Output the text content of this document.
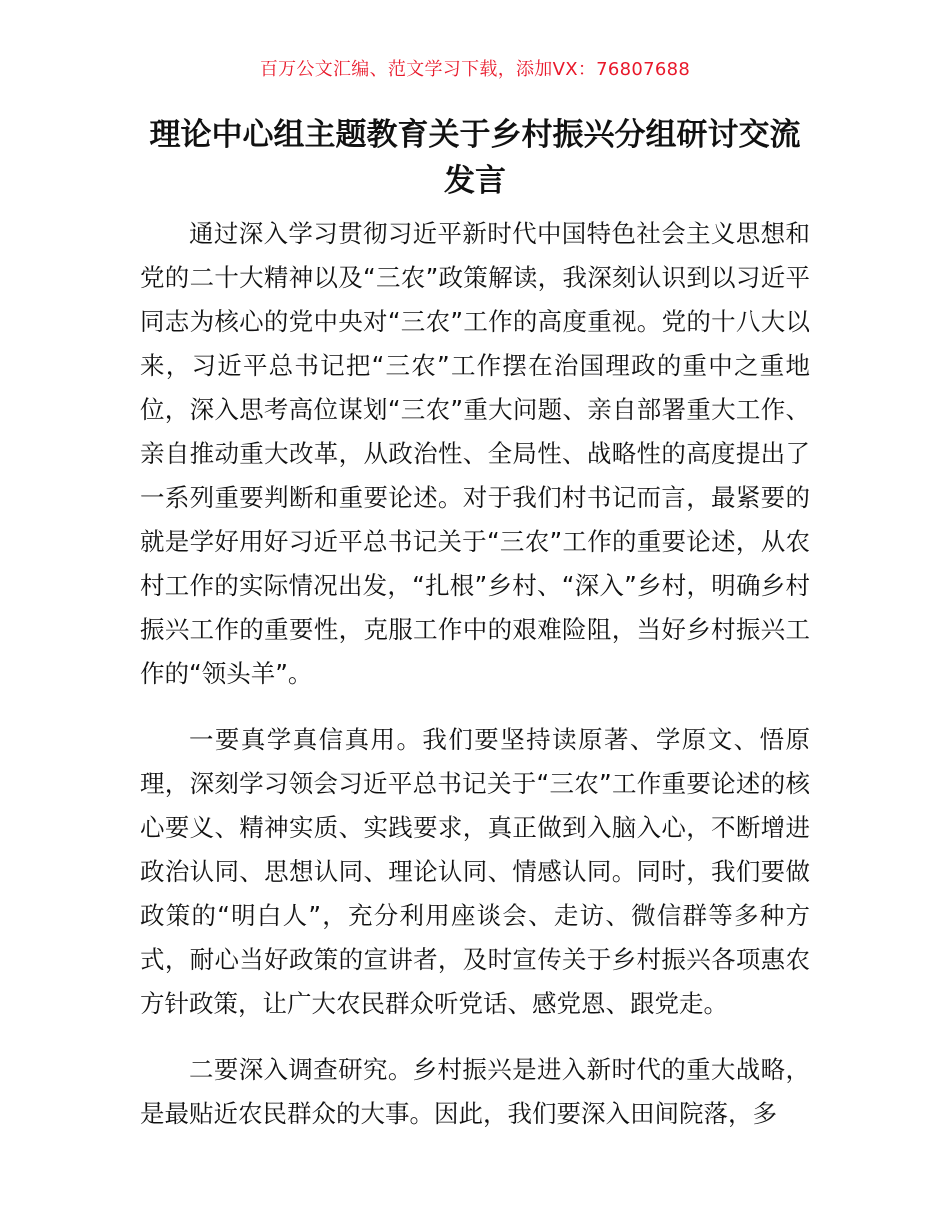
百万公文汇编、范文学习下载，添加VX：76807688
理论中心组主题教育关于乡村振兴分组研讨交流发言

通过深入学习贯彻习近平新时代中国特色社会主义思想和党的二十大精神以及“三农”政策解读，我深刻认识到以习近平同志为核心的党中央对“三农”工作的高度重视。党的十八大以来，习近平总书记把“三农”工作摆在治国理政的重中之重地位，深入思考高位谋划“三农”重大问题、亲自部署重大工作、亲自推动重大改革，从政治性、全局性、战略性的高度提出了一系列重要判断和重要论述。对于我们村书记而言，最紧要的就是学好用好习近平总书记关于“三农”工作的重要论述，从农村工作的实际情况出发，“扎根”乡村、“深入”乡村，明确乡村振兴工作的重要性，克服工作中的艰难险阻，当好乡村振兴工作的“领头羊”。

一要真学真信真用。我们要坚持读原著、学原文、悟原理，深刻学习领会习近平总书记关于“三农”工作重要论述的核心要义、精神实质、实践要求，真正做到入脑入心，不断增进政治认同、思想认同、理论认同、情感认同。同时，我们要做政策的“明白人”，充分利用座谈会、走访、微信群等多种方式，耐心当好政策的宣讲者，及时宣传关于乡村振兴各项惠农方针政策，让广大农民群众听党话、感党恩、跟党走。

二要深入调查研究。乡村振兴是进入新时代的重大战略，是最贴近农民群众的大事。因此，我们要深入田间院落，多
